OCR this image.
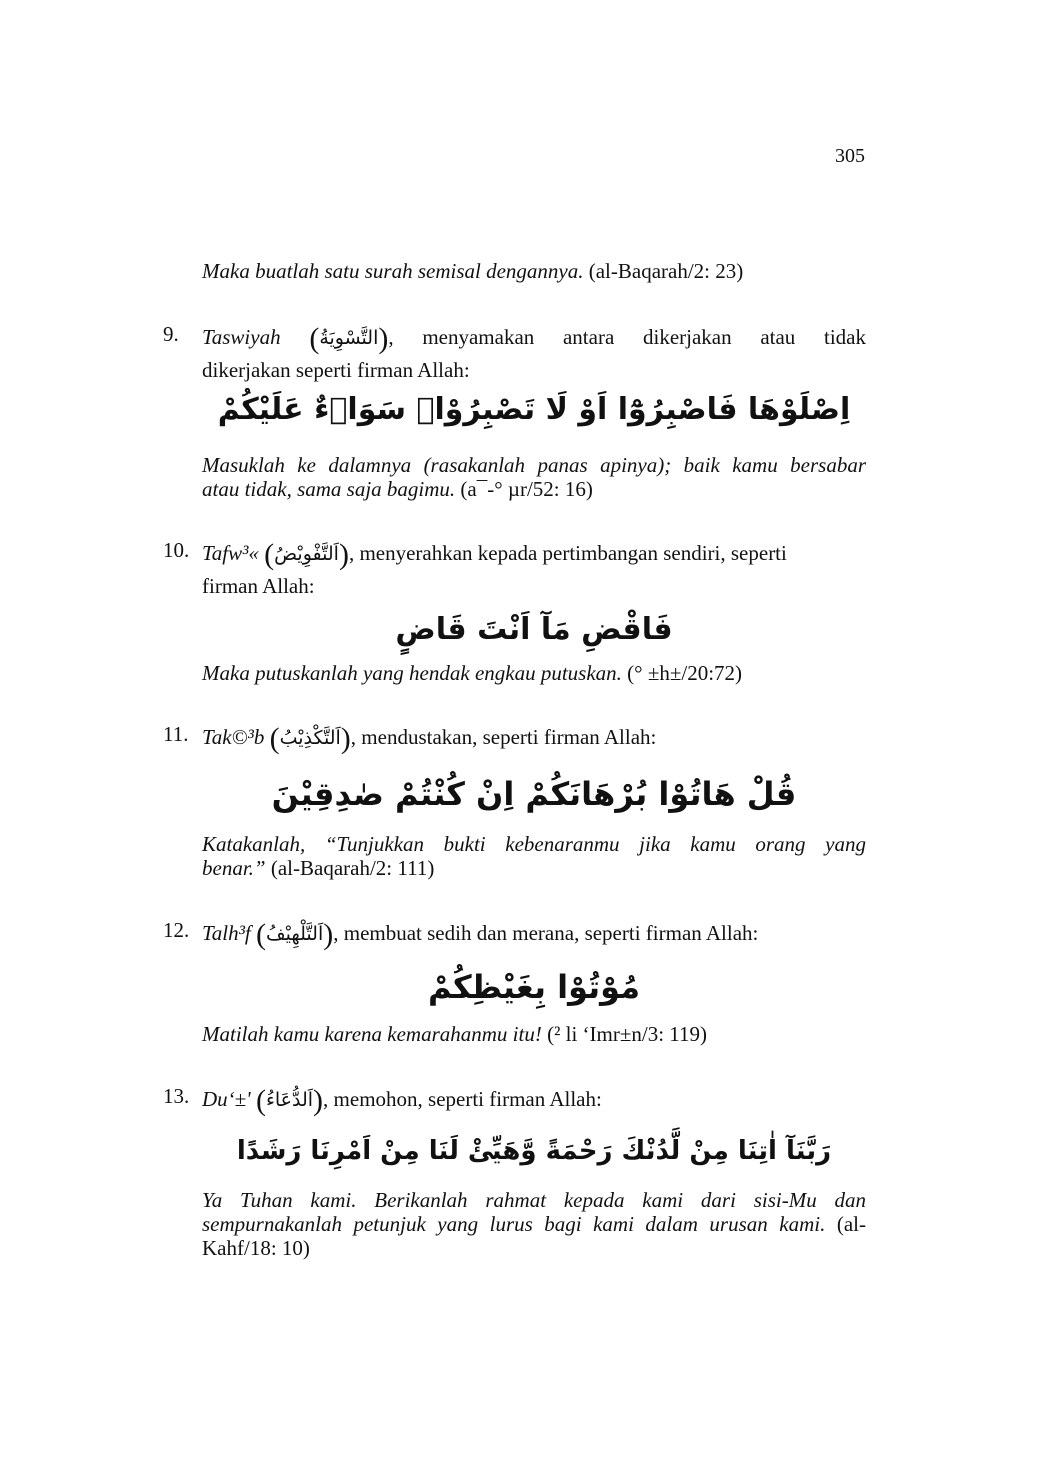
305
Maka buatlah satu surah semisal dengannya. (al-Baqarah/2: 23)
9. Taswiyah (التَّسْوِيَةُ), menyamakan antara dikerjakan atau tidak
dikerjakan seperti firman Allah:
اِصْلَوْهَا فَاصْبِرُوْٓا اَوْ لَا تَصْبِرُوْاۚ سَوَاۤءٌ عَلَيْكُمْ
Masuklah ke dalamnya (rasakanlah panas apinya); baik kamu bersabar
atau tidak, sama saja bagimu. (a¯-° µr/52: 16)
10. Tafw³« (اَلتَّفْوِيْضُ), menyerahkan kepada pertimbangan sendiri, seperti
firman Allah:
فَاقْضِ مَآ اَنْتَ قَاضٍ
Maka putuskanlah yang hendak engkau putuskan. (° ±h±/20:72)
11. Tak©³b (اَلتَّكْذِيْبُ), mendustakan, seperti firman Allah:
قُلْ هَاتُوْا بُرْهَانَكُمْ اِنْ كُنْتُمْ صٰدِقِيْنَ
Katakanlah, “Tunjukkan bukti kebenaranmu jika kamu orang yang
benar.” (al-Baqarah/2: 111)
12. Talh³f (اَلتَّلْهِيْفُ), membuat sedih dan merana, seperti firman Allah:
مُوْتُوْا بِغَيْظِكُمْ
Matilah kamu karena kemarahanmu itu! (² li ‘Imr±n/3: 119)
13. Du‘±' (اَلدُّعَاءُ), memohon, seperti firman Allah:
رَبَّنَآ اٰتِنَا مِنْ لَّدُنْكَ رَحْمَةً وَّهَيِّئْ لَنَا مِنْ اَمْرِنَا رَشَدًا
Ya Tuhan kami. Berikanlah rahmat kepada kami dari sisi-Mu dan
sempurnakanlah petunjuk yang lurus bagi kami dalam urusan kami. (al-
Kahf/18: 10)
